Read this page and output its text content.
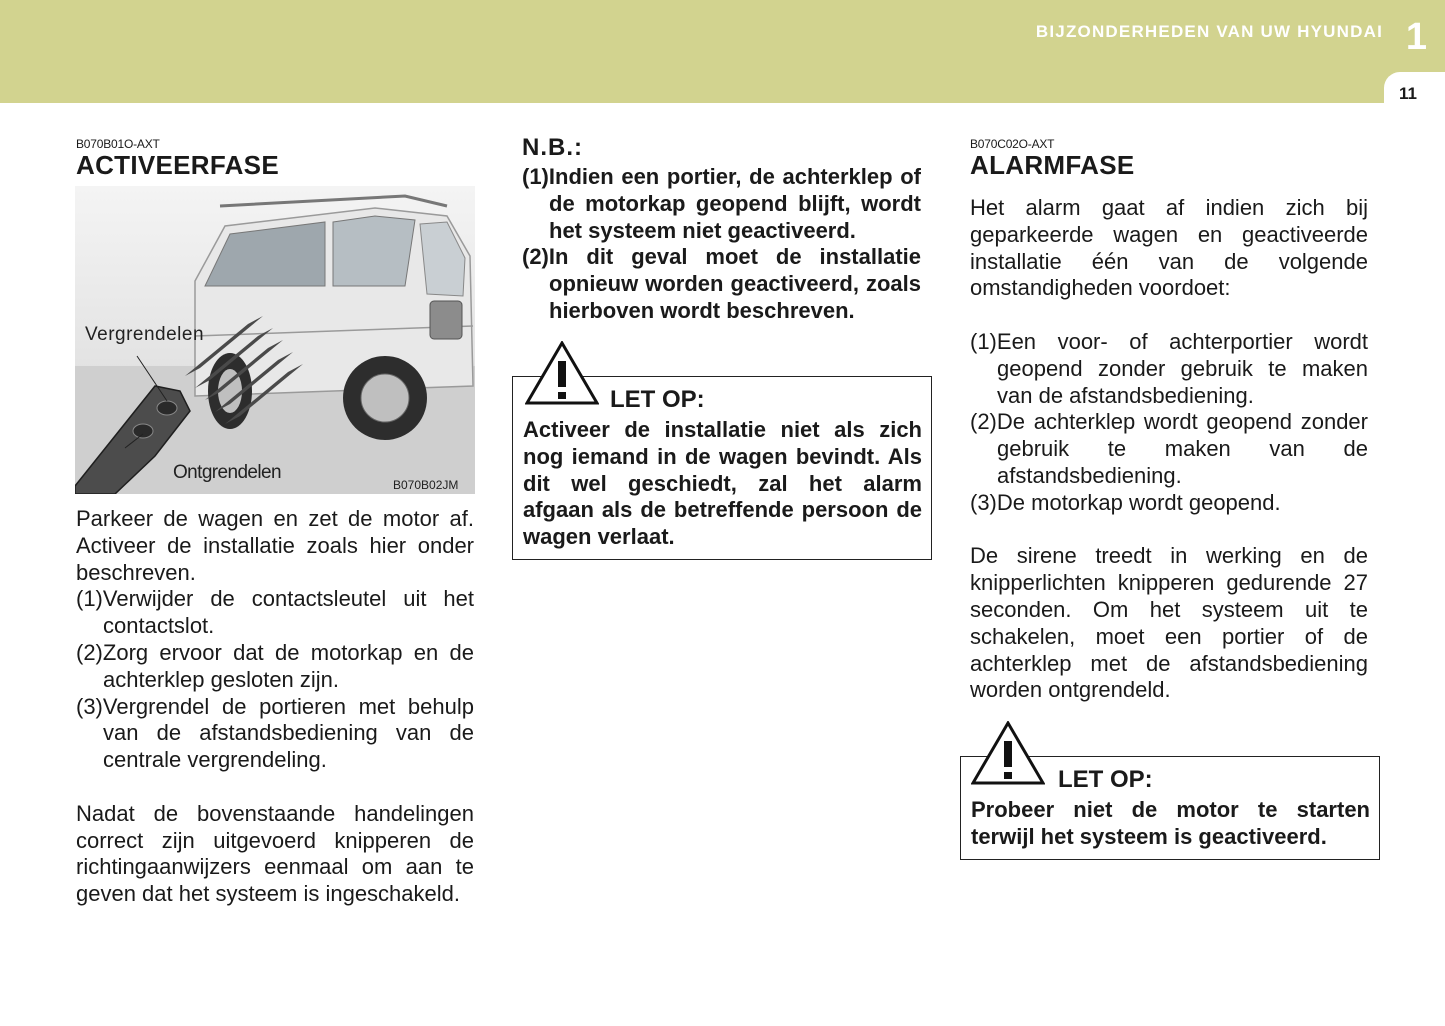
BIJZONDERHEDEN VAN UW HYUNDAI 1
11
B070B01O-AXT
ACTIVEERFASE
Vergrendelen
Ontgrendelen
B070B02JM
Parkeer de wagen en zet de motor af. Activeer de installatie zoals hier onder beschreven.
(1)Verwijder de contactsleutel uit het contactslot.
(2)Zorg ervoor dat de motorkap en de achterklep gesloten zijn.
(3)Vergrendel de portieren met behulp van de afstandsbediening van de centrale vergrendeling.
Nadat de bovenstaande handelingen correct zijn uitgevoerd knipperen de richtingaanwijzers eenmaal om aan te geven dat het systeem is ingeschakeld.
N.B.:
(1)Indien een portier, de achterklep of de motorkap geopend blijft, wordt het systeem niet geactiveerd.
(2)In dit geval moet de installatie opnieuw worden geactiveerd, zoals hierboven wordt beschreven.
LET OP:
Activeer de installatie niet als zich nog iemand in de wagen bevindt. Als dit wel geschiedt, zal het alarm afgaan als de betreffende persoon de wagen verlaat.
B070C02O-AXT
ALARMFASE
Het alarm gaat af indien zich bij geparkeerde wagen en geactiveerde installatie één van de volgende omstandigheden voordoet:
(1)Een voor- of achterportier wordt geopend zonder gebruik te maken van de afstandsbediening.
(2)De achterklep wordt geopend zonder gebruik te maken van de afstandsbediening.
(3)De motorkap wordt geopend.
De sirene treedt in werking en de knipperlichten knipperen gedurende 27 seconden. Om het systeem uit te schakelen, moet een portier of de achterklep met de afstandsbediening worden ontgrendeld.
LET OP:
Probeer niet de motor te starten terwijl het systeem is geactiveerd.
